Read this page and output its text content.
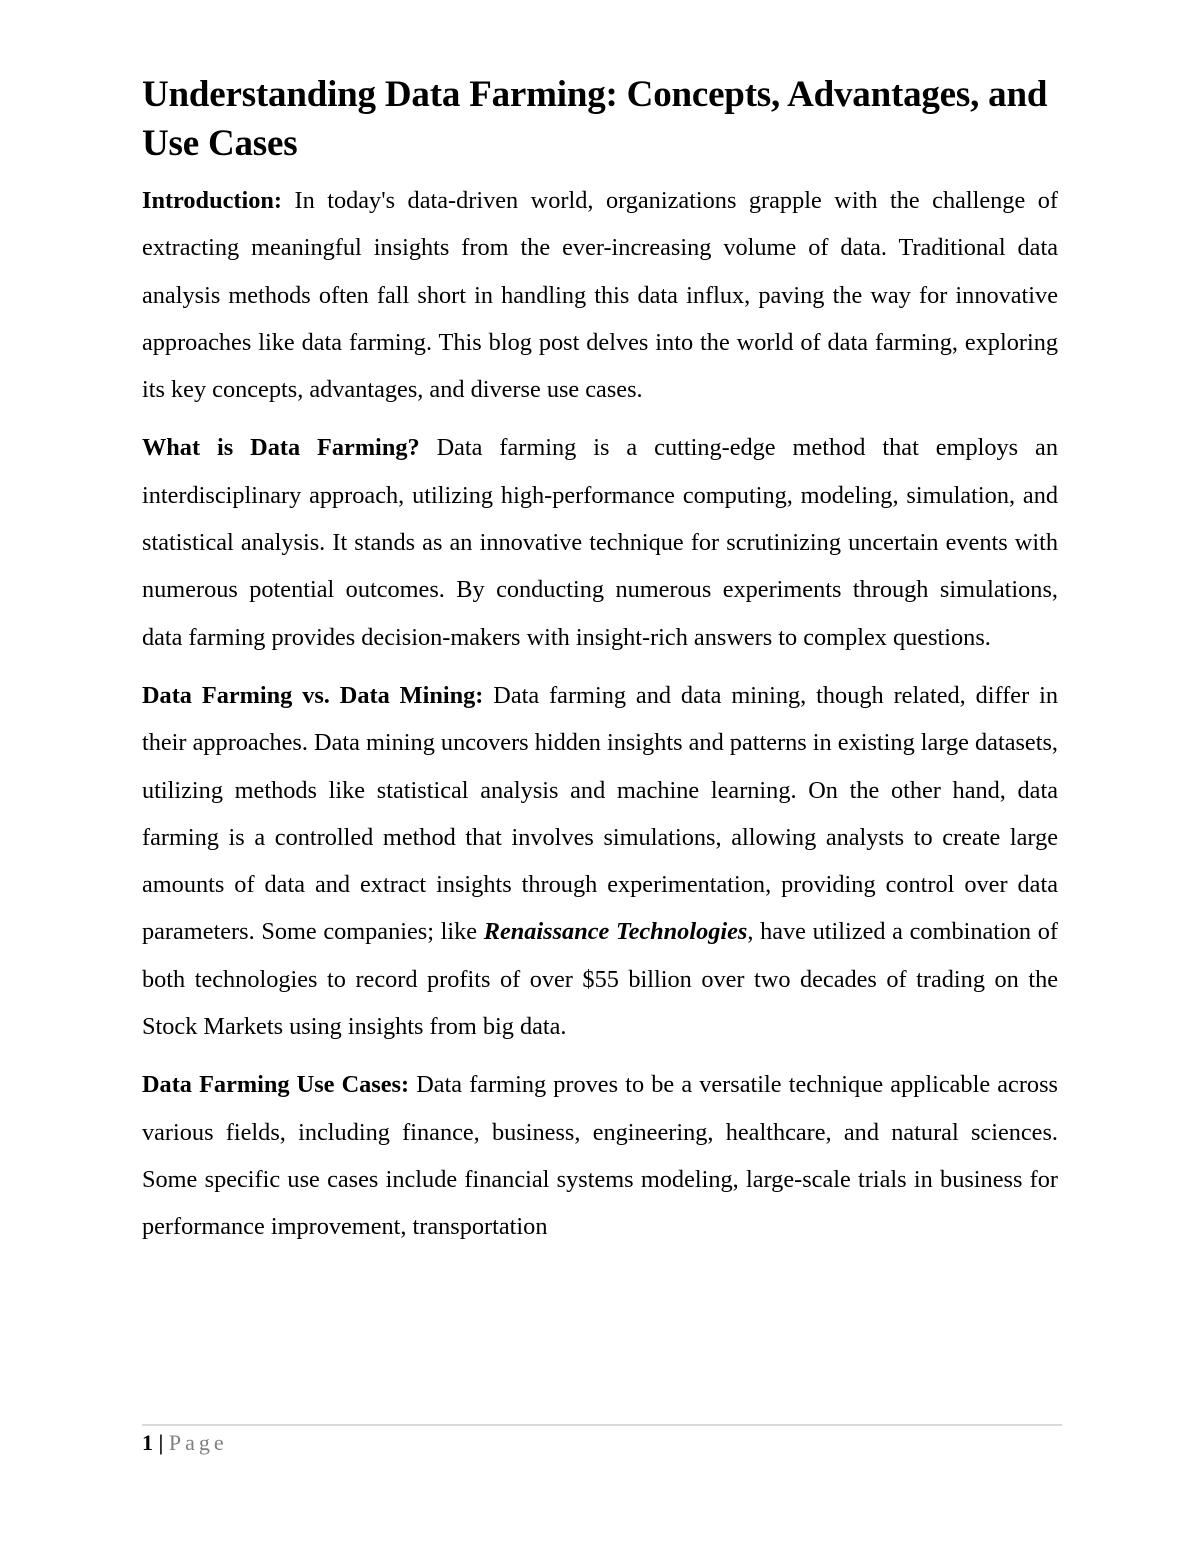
Understanding Data Farming: Concepts, Advantages, and Use Cases

Introduction: In today's data-driven world, organizations grapple with the challenge of extracting meaningful insights from the ever-increasing volume of data. Traditional data analysis methods often fall short in handling this data influx, paving the way for innovative approaches like data farming. This blog post delves into the world of data farming, exploring its key concepts, advantages, and diverse use cases.

What is Data Farming? Data farming is a cutting-edge method that employs an interdisciplinary approach, utilizing high-performance computing, modeling, simulation, and statistical analysis. It stands as an innovative technique for scrutinizing uncertain events with numerous potential outcomes. By conducting numerous experiments through simulations, data farming provides decision-makers with insight-rich answers to complex questions.

Data Farming vs. Data Mining: Data farming and data mining, though related, differ in their approaches. Data mining uncovers hidden insights and patterns in existing large datasets, utilizing methods like statistical analysis and machine learning. On the other hand, data farming is a controlled method that involves simulations, allowing analysts to create large amounts of data and extract insights through experimentation, providing control over data parameters. Some companies; like Renaissance Technologies, have utilized a combination of both technologies to record profits of over $55 billion over two decades of trading on the Stock Markets using insights from big data.

Data Farming Use Cases: Data farming proves to be a versatile technique applicable across various fields, including finance, business, engineering, healthcare, and natural sciences. Some specific use cases include financial systems modeling, large-scale trials in business for performance improvement, transportation

1 | Page
